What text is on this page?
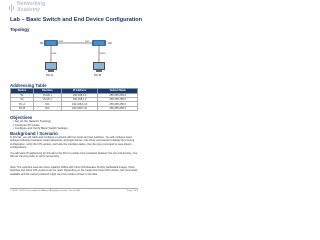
Networking
Academy
Lab – Basic Switch and End Device Configuration
Topology
S1	S2
F0/1	F0/1
F0/6	F0/18
PC-A	PC-B
Addressing Table
Device	Interface	IP Address	Subnet Mask
S1	VLAN 1	192.168.1.1	255.255.255.0
S2	VLAN 1	192.168.1.2	255.255.255.0
PC-A	NIC	192.168.1.10	255.255.255.0
PC-B	NIC	192.168.1.11	255.255.255.0
Objectives
• Set Up the Network Topology
• Configure PC Hosts
• Configure and Verify Basic Switch Settings
Background / Scenario
In this lab, you will cable and configure a network with two hosts and two switches. You will configure basic settings including hostname, local passwords, and login banner. Use show commands to display the running configuration, verify the IOS version, and view the interface status. Use the copy command to save device configurations.
You will apply IP addressing for this lab to the PCs to enable communication between the two end devices. You will use the ping utility to verify connectivity.
Note: The switches used are Cisco Catalyst 2960s with Cisco IOS Release 15.2(2) (lanbasek9 image). Other switches and Cisco IOS versions can be used. Depending on the model and Cisco IOS version, the commands available and the output produced might vary from what is shown in the labs.
© 2013 – 2019 Cisco and/or its affiliates. All rights reserved. Cisco Public	Page 1 of 8
